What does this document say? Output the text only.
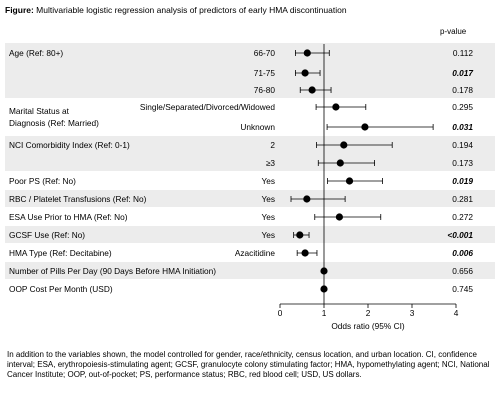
Figure: Multivariable logistic regression analysis of predictors of early HMA discontinuation
p-value
Age (Ref: 80+)	66-70	0.112
71-75	0.017
76-80	0.178
Marital Status at
Diagnosis (Ref: Married)
Single/Separated/Divorced/Widowed	0.295
Unknown	0.031
NCI Comorbidity Index (Ref: 0-1)	2	0.194
≥3	0.173
Poor PS (Ref: No)	Yes	0.019
RBC / Platelet Transfusions (Ref: No)	Yes	0.281
ESA Use Prior to HMA (Ref: No)	Yes	0.272
GCSF Use (Ref: No)	Yes	<0.001
HMA Type (Ref: Decitabine)	Azacitidine	0.006
Number of Pills Per Day (90 Days Before HMA Initiation)	0.656
OOP Cost Per Month (USD)	0.745
0	1	2	3	4
Odds ratio (95% CI)
In addition to the variables shown, the model controlled for gender, race/ethnicity, census location, and urban location. CI, confidence interval; ESA, erythropoiesis-stimulating agent; GCSF, granulocyte colony stimulating factor; HMA, hypomethylating agent; NCI, National Cancer Institute; OOP, out-of-pocket; PS, performance status; RBC, red blood cell; USD, US dollars.
